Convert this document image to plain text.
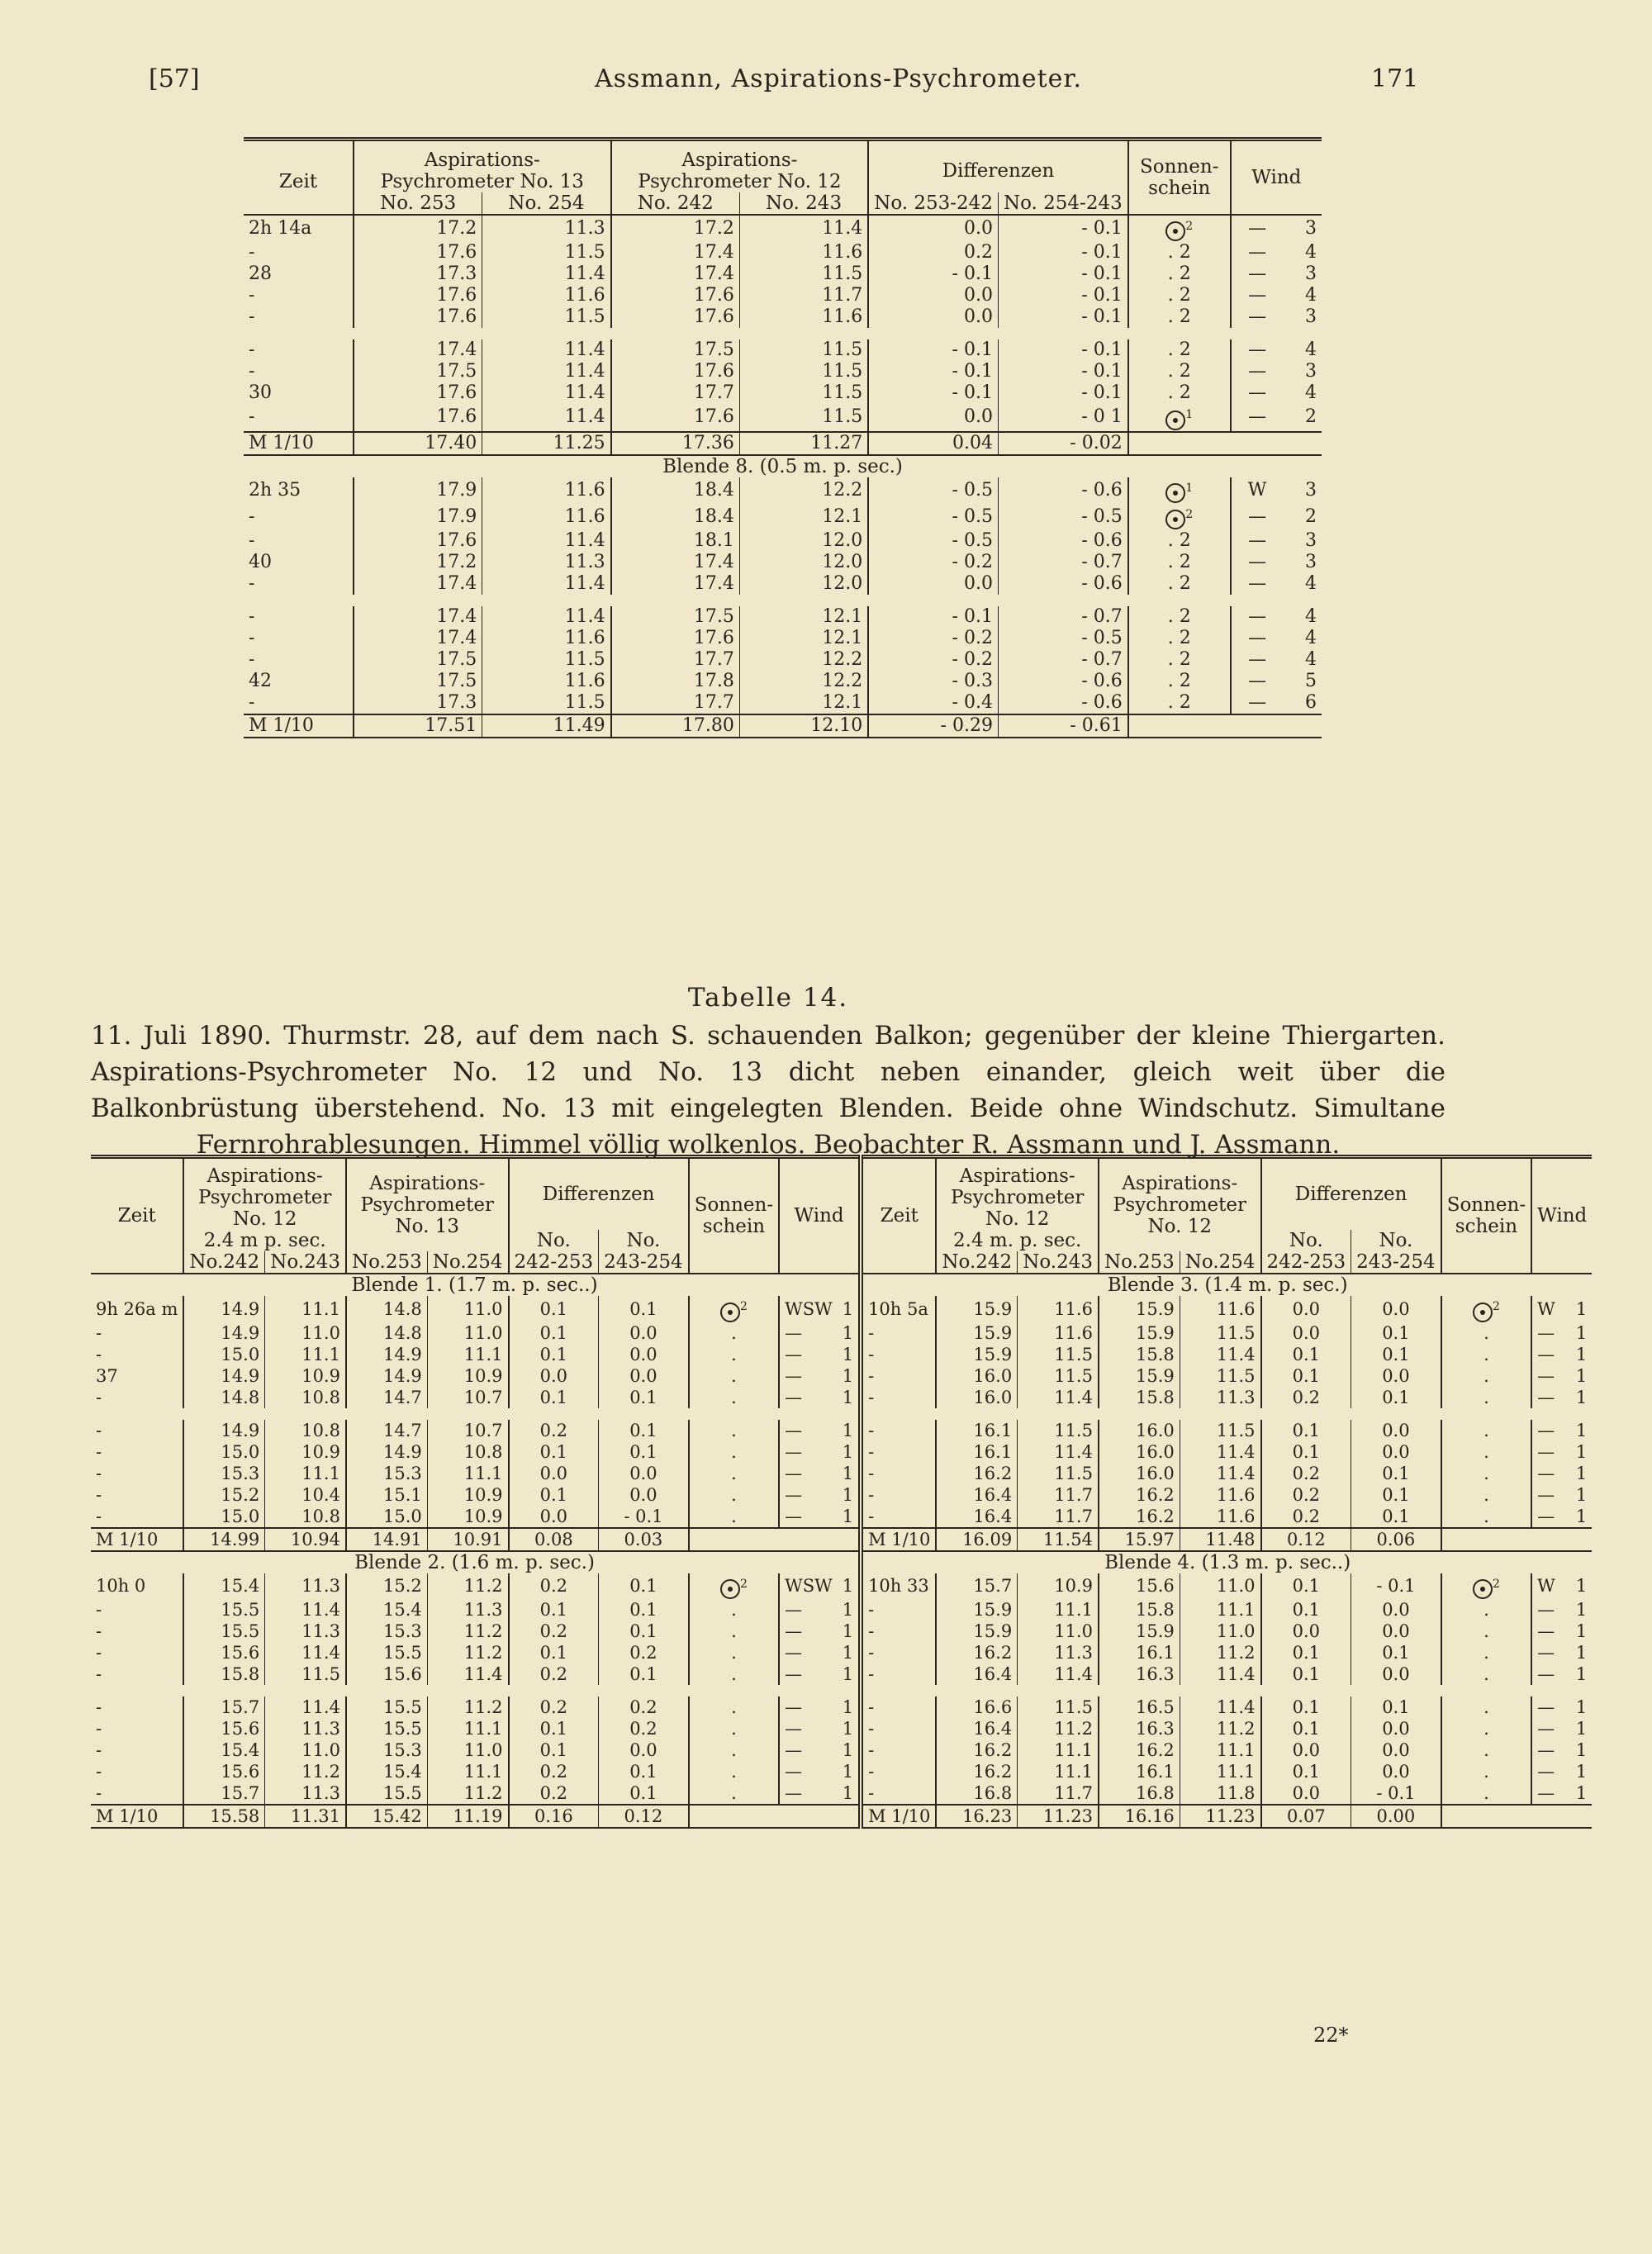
[57]	Assmann, Aspirations-Psychrometer.	171
Zeit	Aspirations-Psychrometer No. 13		Aspirations-Psychrometer No. 12		Differenzen		Sonnen-schein	Wind	
	No. 253	No. 254	No. 242	No. 243	No. 253-242	No. 254-243			
2h 14a	17.2	11.3	17.2	11.4	0.0	- 0.1	$^2$	—	3
-	17.6	11.5	17.4	11.6	0.2	- 0.1	. 2	—	4
28	17.3	11.4	17.4	11.5	- 0.1	- 0.1	. 2	—	3
-	17.6	11.6	17.6	11.7	0.0	- 0.1	. 2	—	4
-	17.6	11.5	17.6	11.6	0.0	- 0.1	. 2	—	3

-	17.4	11.4	17.5	11.5	- 0.1	- 0.1	. 2	—	4
-	17.5	11.4	17.6	11.5	- 0.1	- 0.1	. 2	—	3
30	17.6	11.4	17.7	11.5	- 0.1	- 0.1	. 2	—	4
-	17.6	11.4	17.6	11.5	0.0	- 0 1	$^1$	—	2
M 1/10	17.40	11.25	17.36	11.27	0.04	- 0.02			
Blende 8. (0.5 m. p. sec.)									
2h 35	17.9	11.6	18.4	12.2	- 0.5	- 0.6	$^1$	W	3
-	17.9	11.6	18.4	12.1	- 0.5	- 0.5	$^2$	—	2
-	17.6	11.4	18.1	12.0	- 0.5	- 0.6	. 2	—	3
40	17.2	11.3	17.4	12.0	- 0.2	- 0.7	. 2	—	3
-	17.4	11.4	17.4	12.0	0.0	- 0.6	. 2	—	4

-	17.4	11.4	17.5	12.1	- 0.1	- 0.7	. 2	—	4
-	17.4	11.6	17.6	12.1	- 0.2	- 0.5	. 2	—	4
-	17.5	11.5	17.7	12.2	- 0.2	- 0.7	. 2	—	4
42	17.5	11.6	17.8	12.2	- 0.3	- 0.6	. 2	—	5
-	17.3	11.5	17.7	12.1	- 0.4	- 0.6	. 2	—	6
M 1/10	17.51	11.49	17.80	12.10	- 0.29	- 0.61			
Tabelle 14.
11. Juli 1890. Thurmstr. 28, auf dem nach S. schauenden Balkon; gegenüber der kleine Thiergarten. Aspirations-Psychrometer No. 12 und No. 13 dicht neben einander, gleich weit über die Balkonbrüstung überstehend. No. 13 mit eingelegten Blenden. Beide ohne Windschutz. Simultane Fernrohrablesungen. Himmel völlig wolkenlos. Beobachter R. Assmann und J. Assmann.
Zeit	Aspirations-Psychrometer No. 12		Aspirations-Psychrometer No. 13		Differenzen		Sonnen-schein	Wind		Zeit	Aspirations-Psychrometer No. 12		Aspirations-Psychrometer No. 12		Differenzen		Sonnen-schein	Wind	
	2.4 m p. sec.				No.	No.					2.4 m. p. sec.				No.	No.			
	No.242	No.243	No.253	No.254	242-253	243-254					No.242	No.243	No.253	No.254	242-253	243-254			
Blende 1. (1.7 m. p. sec..)										Blende 3. (1.4 m. p. sec.)									
9h 26a m	14.9	11.1	14.8	11.0	0.1	0.1	$^2$	WSW	1	10h 5a	15.9	11.6	15.9	11.6	0.0	0.0	$^2$	W	1
-	14.9	11.0	14.8	11.0	0.1	0.0	.	—	1	-	15.9	11.6	15.9	11.5	0.0	0.1	.	—	1
-	15.0	11.1	14.9	11.1	0.1	0.0	.	—	1	-	15.9	11.5	15.8	11.4	0.1	0.1	.	—	1
37	14.9	10.9	14.9	10.9	0.0	0.0	.	—	1	-	16.0	11.5	15.9	11.5	0.1	0.0	.	—	1
-	14.8	10.8	14.7	10.7	0.1	0.1	.	—	1	-	16.0	11.4	15.8	11.3	0.2	0.1	.	—	1

-	14.9	10.8	14.7	10.7	0.2	0.1	.	—	1	-	16.1	11.5	16.0	11.5	0.1	0.0	.	—	1
-	15.0	10.9	14.9	10.8	0.1	0.1	.	—	1	-	16.1	11.4	16.0	11.4	0.1	0.0	.	—	1
-	15.3	11.1	15.3	11.1	0.0	0.0	.	—	1	-	16.2	11.5	16.0	11.4	0.2	0.1	.	—	1
-	15.2	10.4	15.1	10.9	0.1	0.0	.	—	1	-	16.4	11.7	16.2	11.6	0.2	0.1	.	—	1
-	15.0	10.8	15.0	10.9	0.0	- 0.1	.	—	1	-	16.4	11.7	16.2	11.6	0.2	0.1	.	—	1
M 1/10	14.99	10.94	14.91	10.91	0.08	0.03				M 1/10	16.09	11.54	15.97	11.48	0.12	0.06			
Blende 2. (1.6 m. p. sec.)										Blende 4. (1.3 m. p. sec..)									
10h 0	15.4	11.3	15.2	11.2	0.2	0.1	$^2$	WSW	1	10h 33	15.7	10.9	15.6	11.0	0.1	- 0.1	$^2$	W	1
-	15.5	11.4	15.4	11.3	0.1	0.1	.	—	1	-	15.9	11.1	15.8	11.1	0.1	0.0	.	—	1
-	15.5	11.3	15.3	11.2	0.2	0.1	.	—	1	-	15.9	11.0	15.9	11.0	0.0	0.0	.	—	1
-	15.6	11.4	15.5	11.2	0.1	0.2	.	—	1	-	16.2	11.3	16.1	11.2	0.1	0.1	.	—	1
-	15.8	11.5	15.6	11.4	0.2	0.1	.	—	1	-	16.4	11.4	16.3	11.4	0.1	0.0	.	—	1

-	15.7	11.4	15.5	11.2	0.2	0.2	.	—	1	-	16.6	11.5	16.5	11.4	0.1	0.1	.	—	1
-	15.6	11.3	15.5	11.1	0.1	0.2	.	—	1	-	16.4	11.2	16.3	11.2	0.1	0.0	.	—	1
-	15.4	11.0	15.3	11.0	0.1	0.0	.	—	1	-	16.2	11.1	16.2	11.1	0.0	0.0	.	—	1
-	15.6	11.2	15.4	11.1	0.2	0.1	.	—	1	-	16.2	11.1	16.1	11.1	0.1	0.0	.	—	1
-	15.7	11.3	15.5	11.2	0.2	0.1	.	—	1	-	16.8	11.7	16.8	11.8	0.0	- 0.1	.	—	1
M 1/10	15.58	11.31	15.42	11.19	0.16	0.12				M 1/10	16.23	11.23	16.16	11.23	0.07	0.00			
22*
